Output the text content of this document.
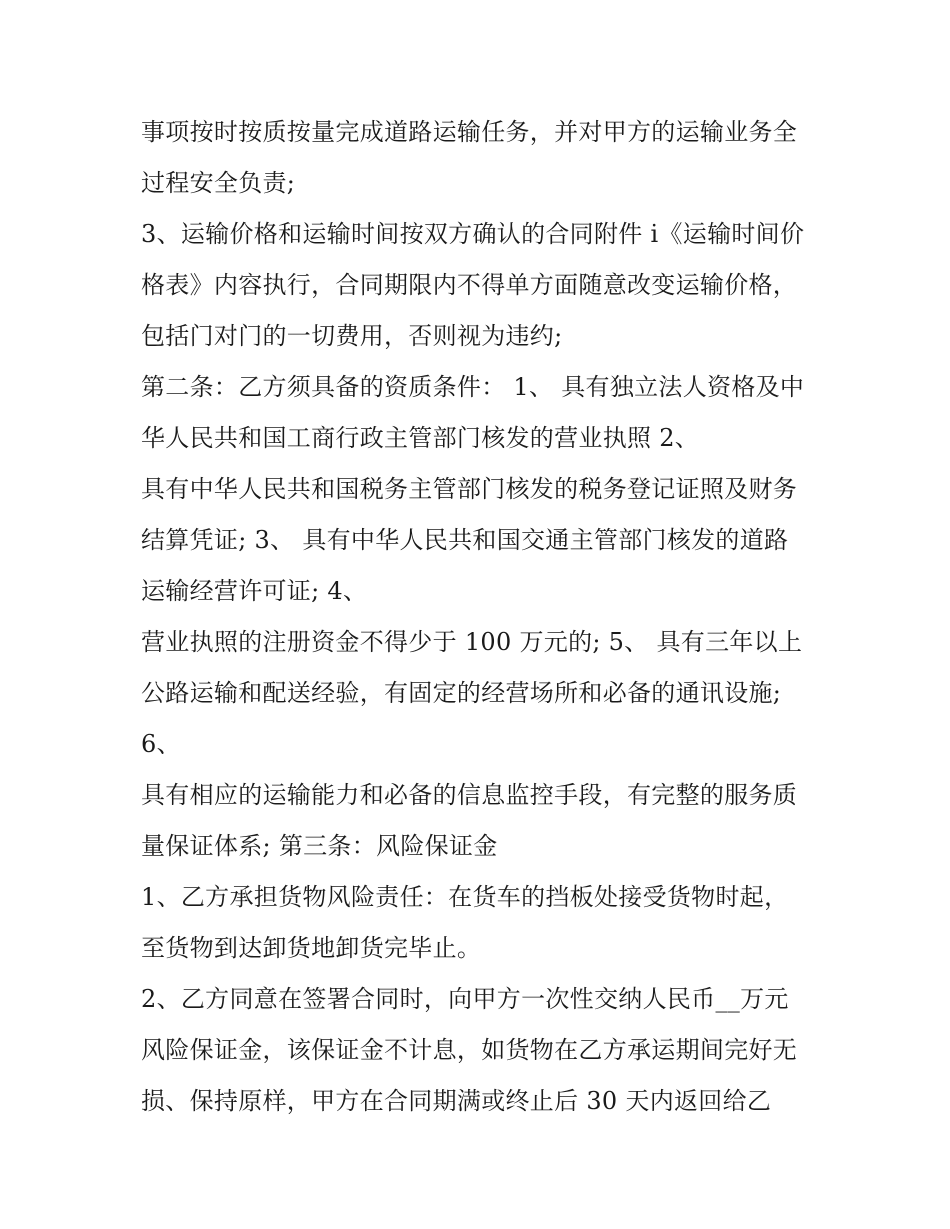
事项按时按质按量完成道路运输任务，并对甲方的运输业务全
过程安全负责;
3、运输价格和运输时间按双方确认的合同附件 i《运输时间价
格表》内容执行，合同期限内不得单方面随意改变运输价格，
包括门对门的一切费用，否则视为违约;
第二条：乙方须具备的资质条件： 1、 具有独立法人资格及中
华人民共和国工商行政主管部门核发的营业执照 2、
具有中华人民共和国税务主管部门核发的税务登记证照及财务
结算凭证; 3、 具有中华人民共和国交通主管部门核发的道路
运输经营许可证; 4、
营业执照的注册资金不得少于 100 万元的; 5、 具有三年以上
公路运输和配送经验，有固定的经营场所和必备的通讯设施;
6、
具有相应的运输能力和必备的信息监控手段，有完整的服务质
量保证体系; 第三条：风险保证金
1、乙方承担货物风险责任：在货车的挡板处接受货物时起，
至货物到达卸货地卸货完毕止。
2、乙方同意在签署合同时，向甲方一次性交纳人民币__万元
风险保证金，该保证金不计息，如货物在乙方承运期间完好无
损、保持原样，甲方在合同期满或终止后 30 天内返回给乙
